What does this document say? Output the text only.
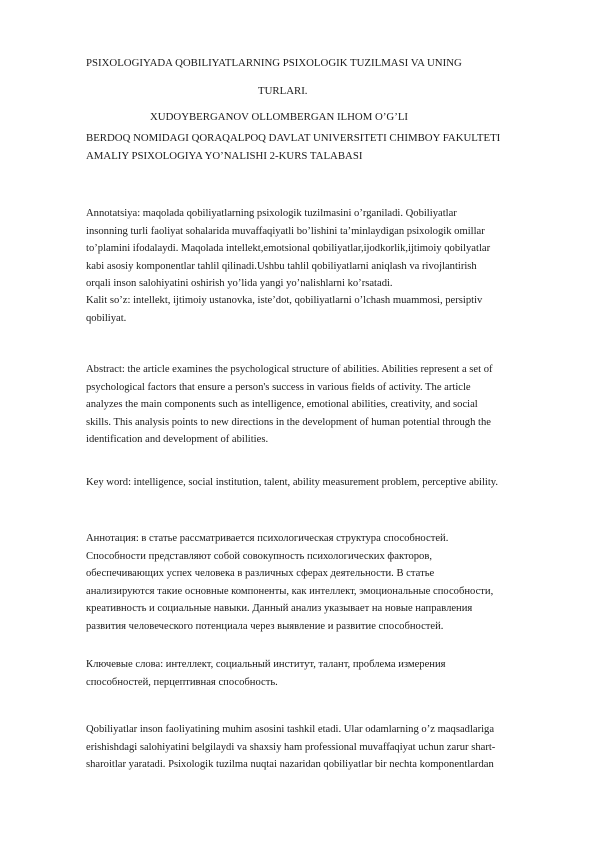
PSIXOLOGIYADA QOBILIYATLARNING PSIXOLOGIK TUZILMASI VA UNING
TURLARI.
XUDOYBERGANOV OLLOMBERGAN ILHOM O’G’LI
BERDOQ NOMIDAGI QORAQALPOQ DAVLAT UNIVERSITETI CHIMBOY FAKULTETI
AMALIY PSIXOLOGIYA YO’NALISHI 2-KURS TALABASI

Annotatsiya: maqolada qobiliyatlarning psixologik tuzilmasini o’rganiladi. Qobiliyatlar

insonning turli faoliyat sohalarida muvaffaqiyatli bo’lishini ta’minlaydigan psixologik omillar

to’plamini ifodalaydi. Maqolada intellekt,emotsional qobiliyatlar,ijodkorlik,ijtimoiy qobilyatlar

kabi asosiy komponentlar tahlil qilinadi.Ushbu tahlil qobiliyatlarni aniqlash va rivojlantirish

orqali inson salohiyatini oshirish yo’lida yangi yo’nalishlarni ko’rsatadi.

Kalit so’z: intellekt, ijtimoiy ustanovka, iste’dot, qobiliyatlarni o’lchash muammosi, persiptiv

qobiliyat.

Abstract: the article examines the psychological structure of abilities. Abilities represent a set of

psychological factors that ensure a person's success in various fields of activity. The article

analyzes the main components such as intelligence, emotional abilities, creativity, and social

skills. This analysis points to new directions in the development of human potential through the

identification and development of abilities.

Key word: intelligence, social institution, talent, ability measurement problem, perceptive ability.

Аннотация: в статье рассматривается психологическая структура способностей.

Способности представляют собой совокупность психологических факторов,

обеспечивающих успех человека в различных сферах деятельности. В статье

анализируются такие основные компоненты, как интеллект, эмоциональные способности,

креативность и социальные навыки. Данный анализ указывает на новые направления

развития человеческого потенциала через выявление и развитие способностей.

Ключевые слова: интеллект, социальный институт, талант, проблема измерения

способностей, перцептивная способность.

Qobiliyatlar inson faoliyatining muhim asosini tashkil etadi. Ular odamlarning o’z maqsadlariga

erishishdagi salohiyatini belgilaydi va shaxsiy ham professional muvaffaqiyat uchun zarur shart-

sharoitlar yaratadi. Psixologik tuzilma nuqtai nazaridan qobiliyatlar bir nechta komponentlardan
